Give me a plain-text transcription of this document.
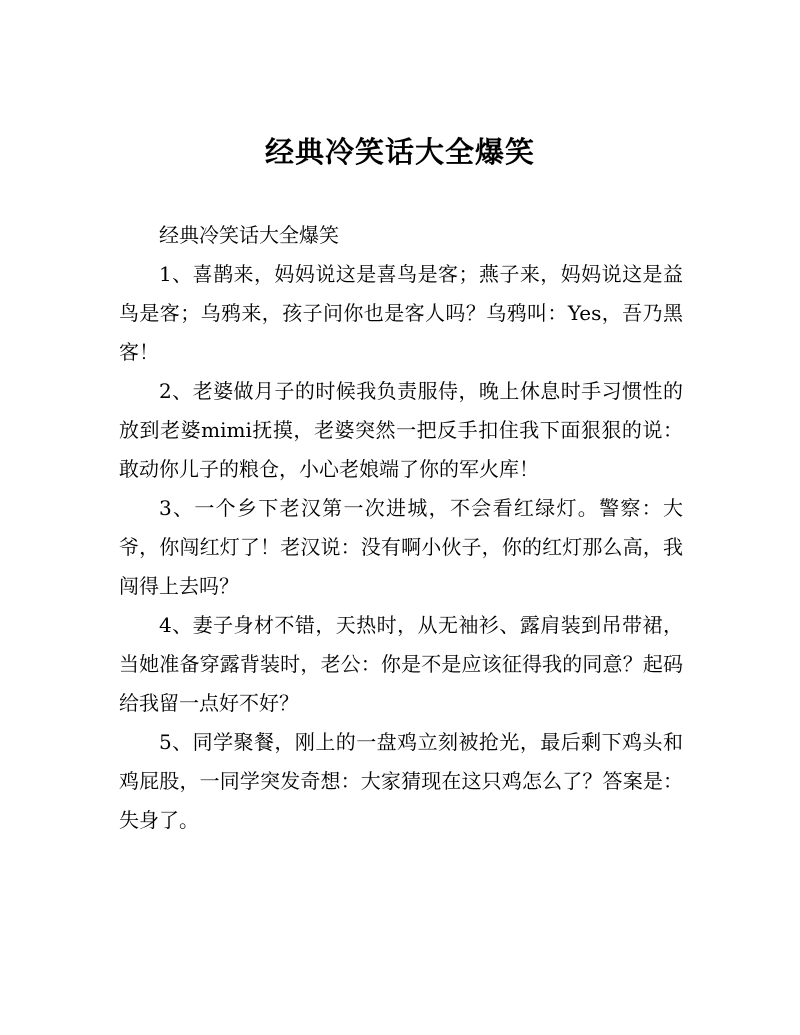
经典冷笑话大全爆笑

经典冷笑话大全爆笑

1、喜鹊来，妈妈说这是喜鸟是客；燕子来，妈妈说这是益鸟是客；乌鸦来，孩子问你也是客人吗？乌鸦叫：Yes，吾乃黑客！

2、老婆做月子的时候我负责服侍，晚上休息时手习惯性的放到老婆mimi抚摸，老婆突然一把反手扣住我下面狠狠的说：敢动你儿子的粮仓，小心老娘端了你的军火库！

3、一个乡下老汉第一次进城，不会看红绿灯。警察：大爷，你闯红灯了！老汉说：没有啊小伙子，你的红灯那么高，我闯得上去吗？

4、妻子身材不错，天热时，从无袖衫、露肩装到吊带裙，当她准备穿露背装时，老公：你是不是应该征得我的同意？起码给我留一点好不好？

5、同学聚餐，刚上的一盘鸡立刻被抢光，最后剩下鸡头和鸡屁股，一同学突发奇想：大家猜现在这只鸡怎么了？答案是：失身了。
